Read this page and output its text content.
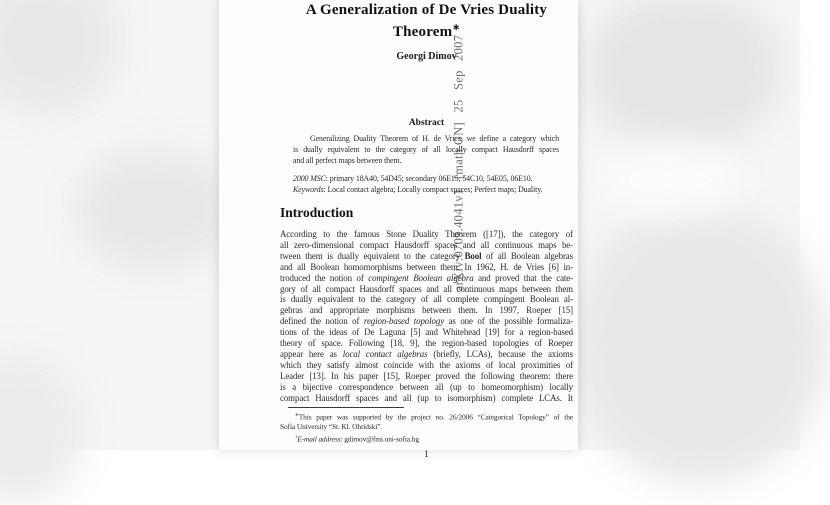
arXiv:0709.4041v1 [math.GN] 25 Sep 2007
A Generalization of De Vries Duality
Theorem∗
Georgi Dimov
Abstract
Generalizing Duality Theorem of H. de Vries, we define a category which
is dually equivalent to the category of all locally compact Hausdorff spaces
and all perfect maps between them.
2000 MSC: primary 18A40, 54D45; secondary 06E15, 54C10, 54E05, 06E10.
Keywords: Local contact algebra; Locally compact spaces; Perfect maps; Duality.
Introduction
According to the famous Stone Duality Theorem ([17]), the category of
all zero-dimensional compact Hausdorff spaces and all continuous maps be-
tween them is dually equivalent to the category Bool of all Boolean algebras
and all Boolean homomorphisms between them. In 1962, H. de Vries [6] in-
troduced the notion of compingent Boolean algebra and proved that the cate-
gory of all compact Hausdorff spaces and all continuous maps between them
is dually equivalent to the category of all complete compingent Boolean al-
gebras and appropriate morphisms between them. In 1997, Roeper [15]
defined the notion of region-based topology as one of the possible formaliza-
tions of the ideas of De Laguna [5] and Whitehead [19] for a region-based
theory of space. Following [18, 9], the region-based topologies of Roeper
appear here as local contact algebras (briefly, LCAs), because the axioms
which they satisfy almost coincide with the axioms of local proximities of
Leader [13]. In his paper [15], Roeper proved the following theorem: there
is a bijective correspondence between all (up to homeomorphism) locally
compact Hausdorff spaces and all (up to isomorphism) complete LCAs. It
∗This paper was supported by the project no. 26/2006 “Categorical Topology” of the
Sofia University “St. Kl. Ohridski”.
$^1$E-mail address: gdimov@fmi.uni-sofia.bg
1
